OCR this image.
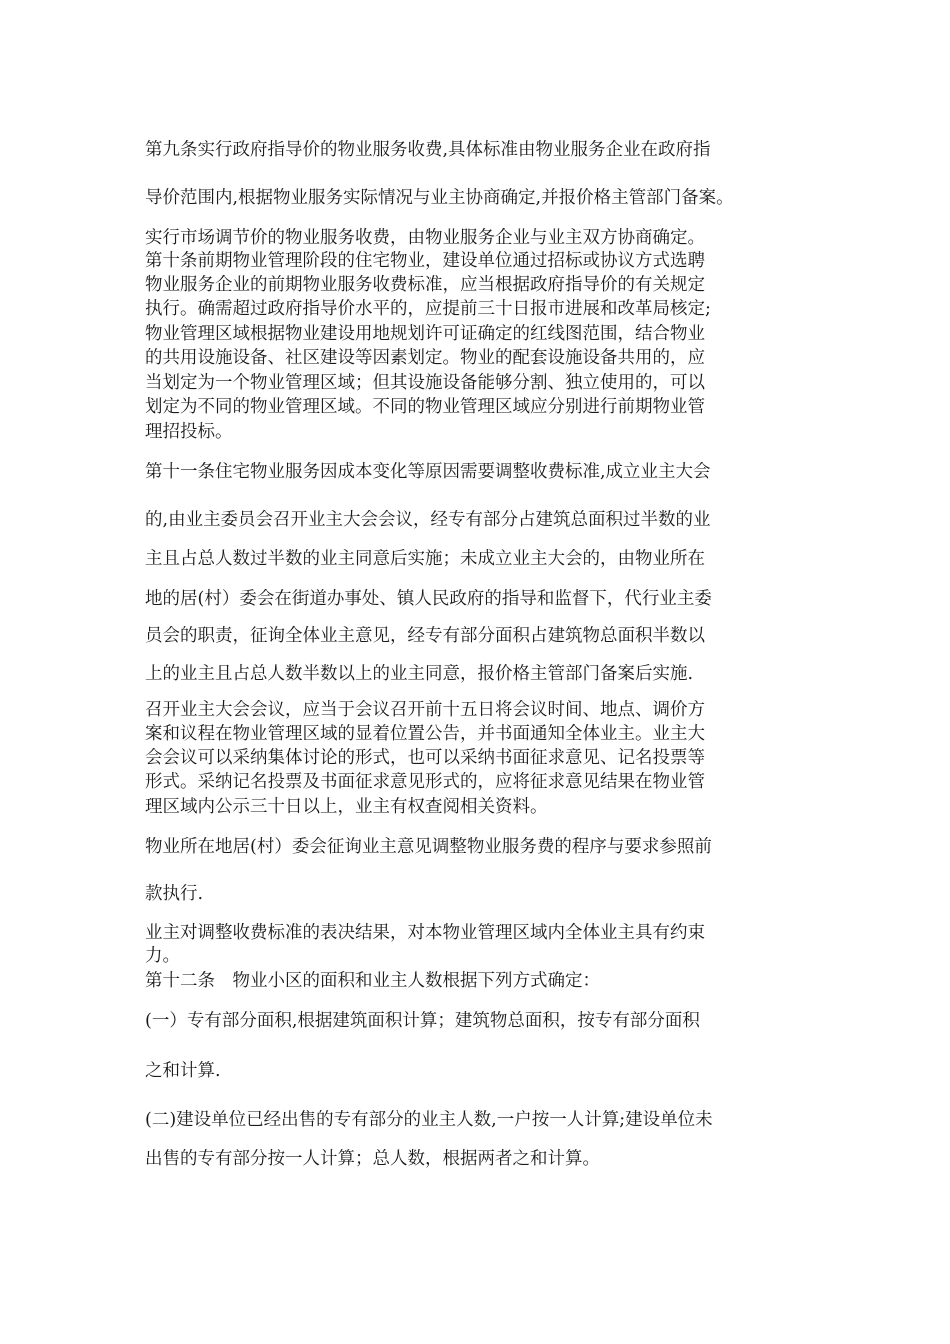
第九条实行政府指导价的物业服务收费,具体标准由物业服务企业在政府指

导价范围内,根据物业服务实际情况与业主协商确定,并报价格主管部门备案。

实行市场调节价的物业服务收费，由物业服务企业与业主双方协商确定。

第十条前期物业管理阶段的住宅物业，建设单位通过招标或协议方式选聘

物业服务企业的前期物业服务收费标准，应当根据政府指导价的有关规定

执行。确需超过政府指导价水平的，应提前三十日报市进展和改革局核定;

物业管理区域根据物业建设用地规划许可证确定的红线图范围，结合物业

的共用设施设备、社区建设等因素划定。物业的配套设施设备共用的，应

当划定为一个物业管理区域；但其设施设备能够分割、独立使用的，可以

划定为不同的物业管理区域。不同的物业管理区域应分别进行前期物业管

理招投标。

第十一条住宅物业服务因成本变化等原因需要调整收费标准,成立业主大会

的,由业主委员会召开业主大会会议，经专有部分占建筑总面积过半数的业

主且占总人数过半数的业主同意后实施；未成立业主大会的，由物业所在

地的居(村）委会在街道办事处、镇人民政府的指导和监督下，代行业主委

员会的职责，征询全体业主意见，经专有部分面积占建筑物总面积半数以

上的业主且占总人数半数以上的业主同意，报价格主管部门备案后实施.

召开业主大会会议，应当于会议召开前十五日将会议时间、地点、调价方

案和议程在物业管理区域的显着位置公告，并书面通知全体业主。业主大

会会议可以采纳集体讨论的形式，也可以采纳书面征求意见、记名投票等

形式。采纳记名投票及书面征求意见形式的，应将征求意见结果在物业管

理区域内公示三十日以上，业主有权查阅相关资料。

物业所在地居(村）委会征询业主意见调整物业服务费的程序与要求参照前

款执行.

业主对调整收费标准的表决结果，对本物业管理区域内全体业主具有约束

力。

第十二条　物业小区的面积和业主人数根据下列方式确定：

(一）专有部分面积,根据建筑面积计算；建筑物总面积，按专有部分面积

之和计算.

(二)建设单位已经出售的专有部分的业主人数,一户按一人计算;建设单位未

出售的专有部分按一人计算；总人数，根据两者之和计算。
